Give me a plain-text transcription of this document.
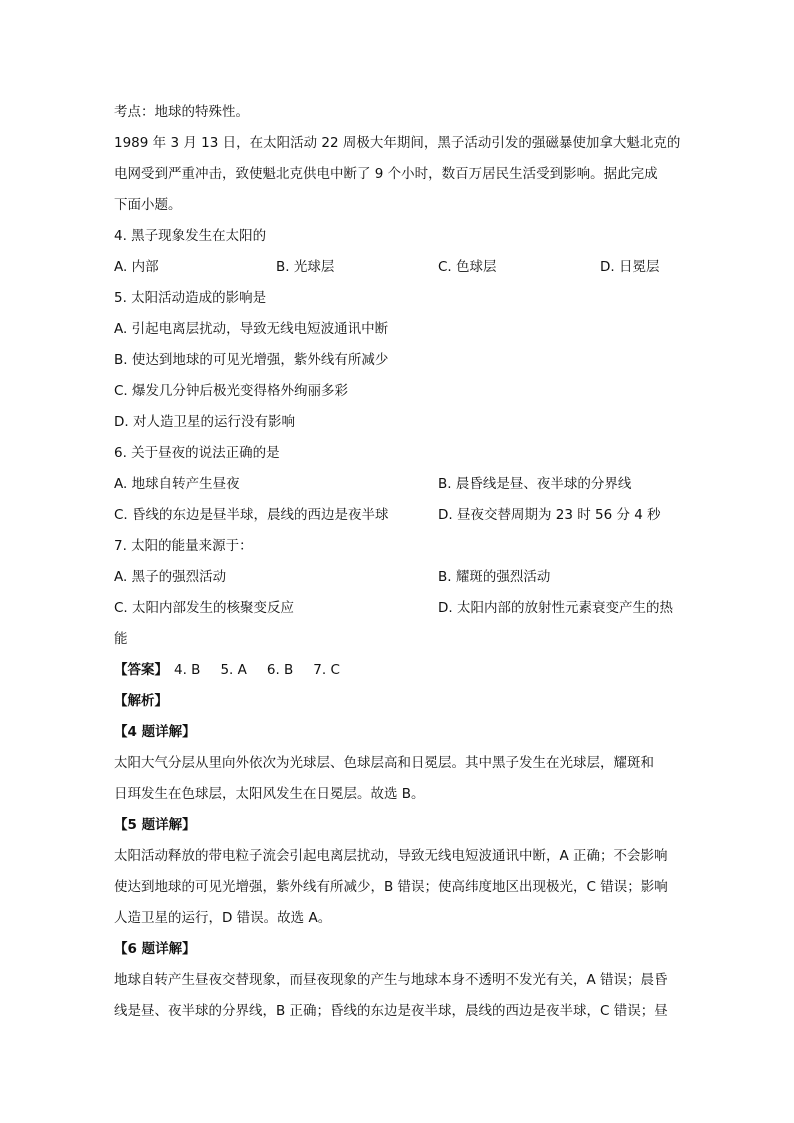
考点：地球的特殊性。
1989 年 3 月 13 日，在太阳活动 22 周极大年期间，黑子活动引发的强磁暴使加拿大魁北克的
电网受到严重冲击，致使魁北克供电中断了 9 个小时，数百万居民生活受到影响。据此完成
下面小题。
4. 黑子现象发生在太阳的
A. 内部	B. 光球层	C. 色球层	D. 日冕层
5. 太阳活动造成的影响是
A. 引起电离层扰动，导致无线电短波通讯中断
B. 使达到地球的可见光增强，紫外线有所减少
C. 爆发几分钟后极光变得格外绚丽多彩
D. 对人造卫星的运行没有影响
6. 关于昼夜的说法正确的是
A. 地球自转产生昼夜	B. 晨昏线是昼、夜半球的分界线
C. 昏线的东边是昼半球，晨线的西边是夜半球	D. 昼夜交替周期为 23 时 56 分 4 秒
7. 太阳的能量来源于：
A. 黑子的强烈活动	B. 耀斑的强烈活动
C. 太阳内部发生的核聚变反应	D. 太阳内部的放射性元素衰变产生的热
能
【答案】 4. B 5. A 6. B 7. C
【解析】
【4 题详解】
太阳大气分层从里向外依次为光球层、色球层高和日冕层。其中黑子发生在光球层，耀斑和
日珥发生在色球层，太阳风发生在日冕层。故选 B。
【5 题详解】
太阳活动释放的带电粒子流会引起电离层扰动，导致无线电短波通讯中断，A 正确；不会影响
使达到地球的可见光增强，紫外线有所减少，B 错误；使高纬度地区出现极光，C 错误；影响
人造卫星的运行，D 错误。故选 A。
【6 题详解】
地球自转产生昼夜交替现象，而昼夜现象的产生与地球本身不透明不发光有关，A 错误；晨昏
线是昼、夜半球的分界线，B 正确；昏线的东边是夜半球，晨线的西边是夜半球，C 错误；昼
